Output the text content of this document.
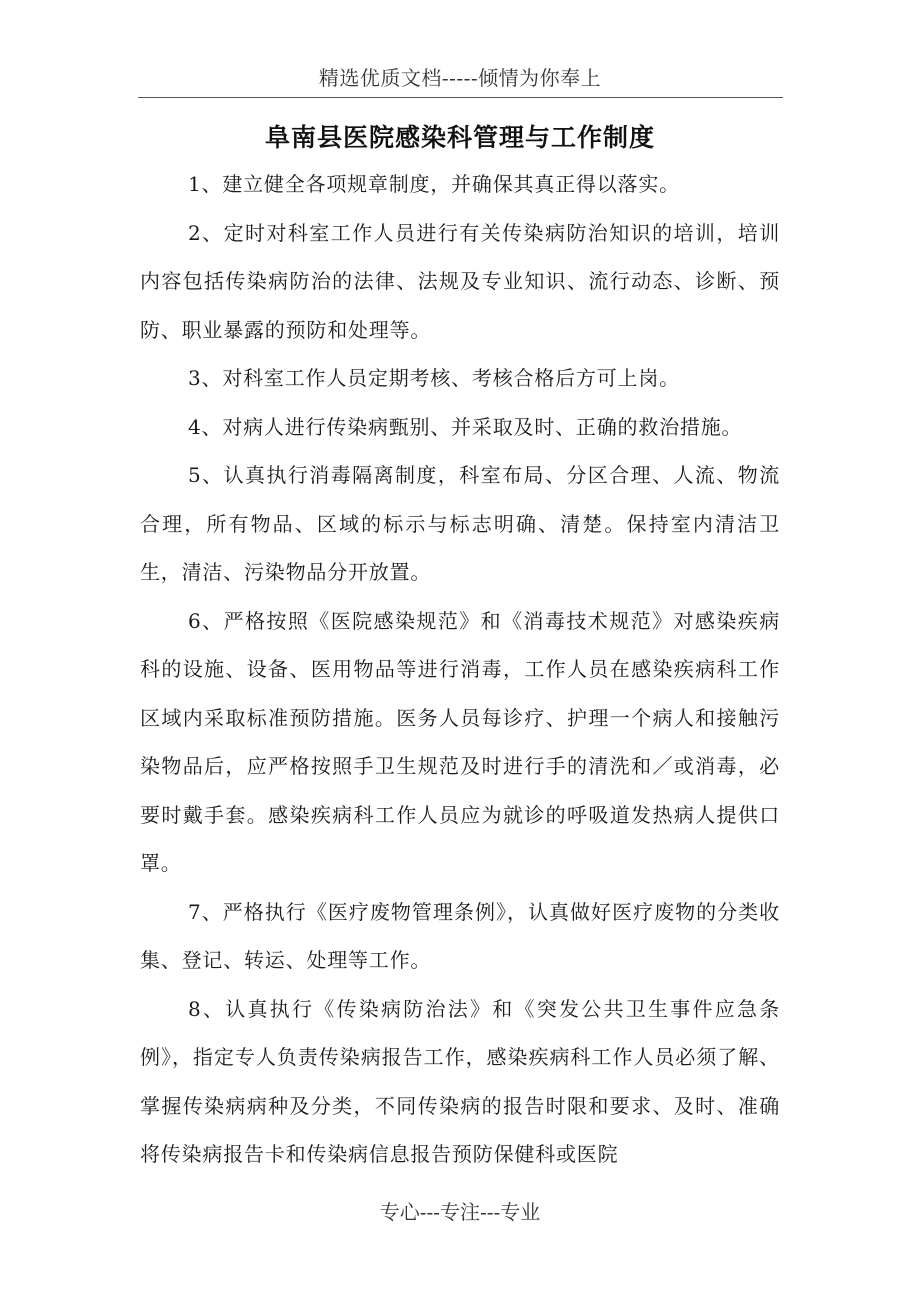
精选优质文档-----倾情为你奉上
阜南县医院感染科管理与工作制度

1、建立健全各项规章制度，并确保其真正得以落实。

2、定时对科室工作人员进行有关传染病防治知识的培训，培训内容包括传染病防治的法律、法规及专业知识、流行动态、诊断、预防、职业暴露的预防和处理等。

3、对科室工作人员定期考核、考核合格后方可上岗。

4、对病人进行传染病甄别、并采取及时、正确的救治措施。

5、认真执行消毒隔离制度，科室布局、分区合理、人流、物流合理，所有物品、区域的标示与标志明确、清楚。保持室内清洁卫生，清洁、污染物品分开放置。

6、严格按照《医院感染规范》和《消毒技术规范》对感染疾病科的设施、设备、医用物品等进行消毒，工作人员在感染疾病科工作区域内采取标准预防措施。医务人员每诊疗、护理一个病人和接触污染物品后，应严格按照手卫生规范及时进行手的清洗和／或消毒，必要时戴手套。感染疾病科工作人员应为就诊的呼吸道发热病人提供口罩。

7、严格执行《医疗废物管理条例》，认真做好医疗废物的分类收集、登记、转运、处理等工作。

8、认真执行《传染病防治法》和《突发公共卫生事件应急条例》，指定专人负责传染病报告工作，感染疾病科工作人员必须了解、掌握传染病病种及分类，不同传染病的报告时限和要求、及时、准确将传染病报告卡和传染病信息报告预防保健科或医院

专心---专注---专业
